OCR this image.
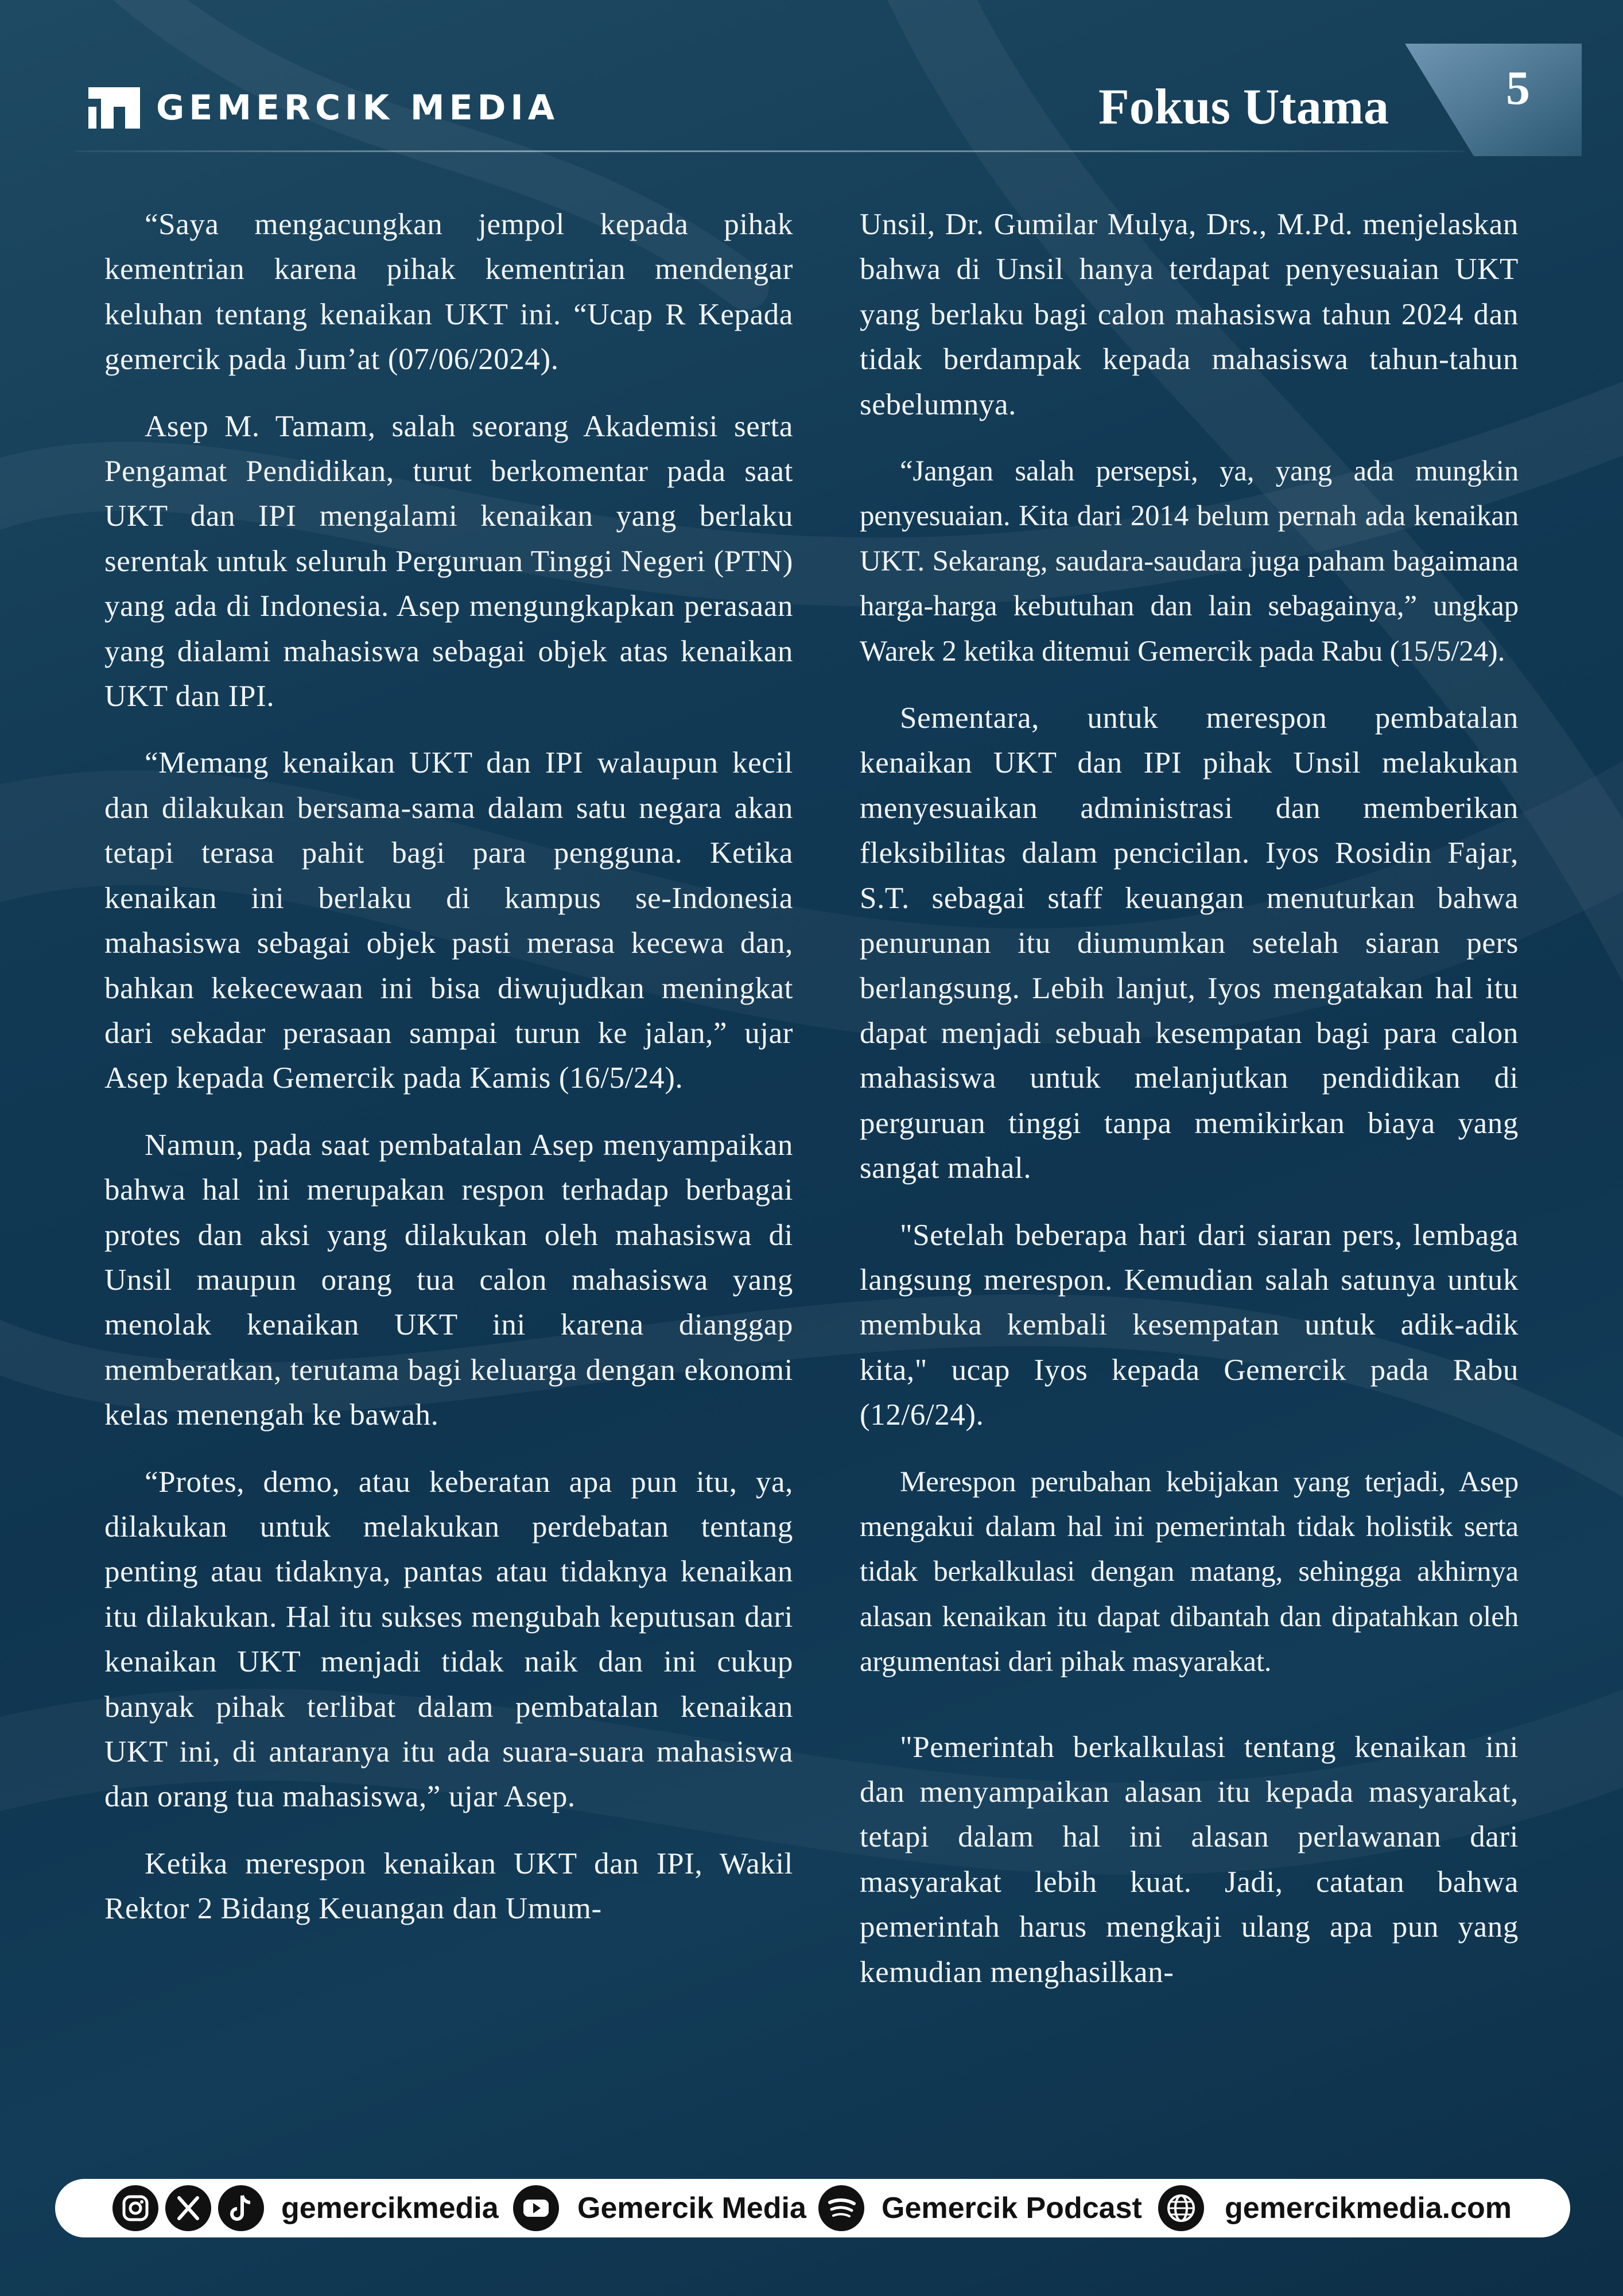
GEMERCIK MEDIA	Fokus Utama 5

“Saya mengacungkan jempol kepada pihak kementrian karena pihak kementrian mendengar keluhan tentang kenaikan UKT ini. “Ucap R Kepada gemercik pada Jum’at (07/06/2024).

Asep M. Tamam, salah seorang Akademisi serta Pengamat Pendidikan, turut berkomentar pada saat UKT dan IPI mengalami kenaikan yang berlaku serentak untuk seluruh Perguruan Tinggi Negeri (PTN) yang ada di Indonesia. Asep mengungkapkan perasaan yang dialami mahasiswa sebagai objek atas kenaikan UKT dan IPI.

“Memang kenaikan UKT dan IPI walaupun kecil dan dilakukan bersama-sama dalam satu negara akan tetapi terasa pahit bagi para pengguna. Ketika kenaikan ini berlaku di kampus se-Indonesia mahasiswa sebagai objek pasti merasa kecewa dan, bahkan kekecewaan ini bisa diwujudkan meningkat dari sekadar perasaan sampai turun ke jalan,” ujar Asep kepada Gemercik pada Kamis (16/5/24).

Namun, pada saat pembatalan Asep menyampaikan bahwa hal ini merupakan respon terhadap berbagai protes dan aksi yang dilakukan oleh mahasiswa di Unsil maupun orang tua calon mahasiswa yang menolak kenaikan UKT ini karena dianggap memberatkan, terutama bagi keluarga dengan ekonomi kelas menengah ke bawah.

“Protes, demo, atau keberatan apa pun itu, ya, dilakukan untuk melakukan perdebatan tentang penting atau tidaknya, pantas atau tidaknya kenaikan itu dilakukan. Hal itu sukses mengubah keputusan dari kenaikan UKT menjadi tidak naik dan ini cukup banyak pihak terlibat dalam pembatalan kenaikan UKT ini, di antaranya itu ada suara-suara mahasiswa dan orang tua mahasiswa,” ujar Asep.

Ketika merespon kenaikan UKT dan IPI, Wakil Rektor 2 Bidang Keuangan dan Umum-

Unsil, Dr. Gumilar Mulya, Drs., M.Pd. menjelaskan bahwa di Unsil hanya terdapat penyesuaian UKT yang berlaku bagi calon mahasiswa tahun 2024 dan tidak berdampak kepada mahasiswa tahun-tahun sebelumnya.

“Jangan salah persepsi, ya, yang ada mungkin penyesuaian. Kita dari 2014 belum pernah ada kenaikan UKT. Sekarang, saudara-saudara juga paham bagaimana harga-harga kebutuhan dan lain sebagainya,” ungkap Warek 2 ketika ditemui Gemercik pada Rabu (15/5/24).

Sementara, untuk merespon pembatalan kenaikan UKT dan IPI pihak Unsil melakukan menyesuaikan administrasi dan memberikan fleksibilitas dalam pencicilan. Iyos Rosidin Fajar, S.T. sebagai staff keuangan menuturkan bahwa penurunan itu diumumkan setelah siaran pers berlangsung. Lebih lanjut, Iyos mengatakan hal itu dapat menjadi sebuah kesempatan bagi para calon mahasiswa untuk melanjutkan pendidikan di perguruan tinggi tanpa memikirkan biaya yang sangat mahal.

"Setelah beberapa hari dari siaran pers, lembaga langsung merespon. Kemudian salah satunya untuk membuka kembali kesempatan untuk adik-adik kita," ucap Iyos kepada Gemercik pada Rabu (12/6/24).

Merespon perubahan kebijakan yang terjadi, Asep mengakui dalam hal ini pemerintah tidak holistik serta tidak berkalkulasi dengan matang, sehingga akhirnya alasan kenaikan itu dapat dibantah dan dipatahkan oleh argumentasi dari pihak masyarakat.

"Pemerintah berkalkulasi tentang kenaikan ini dan menyampaikan alasan itu kepada masyarakat, tetapi dalam hal ini alasan perlawanan dari masyarakat lebih kuat. Jadi, catatan bahwa pemerintah harus mengkaji ulang apa pun yang kemudian menghasilkan-

gemercikmedia	Gemercik Media	Gemercik Podcast	gemercikmedia.com
